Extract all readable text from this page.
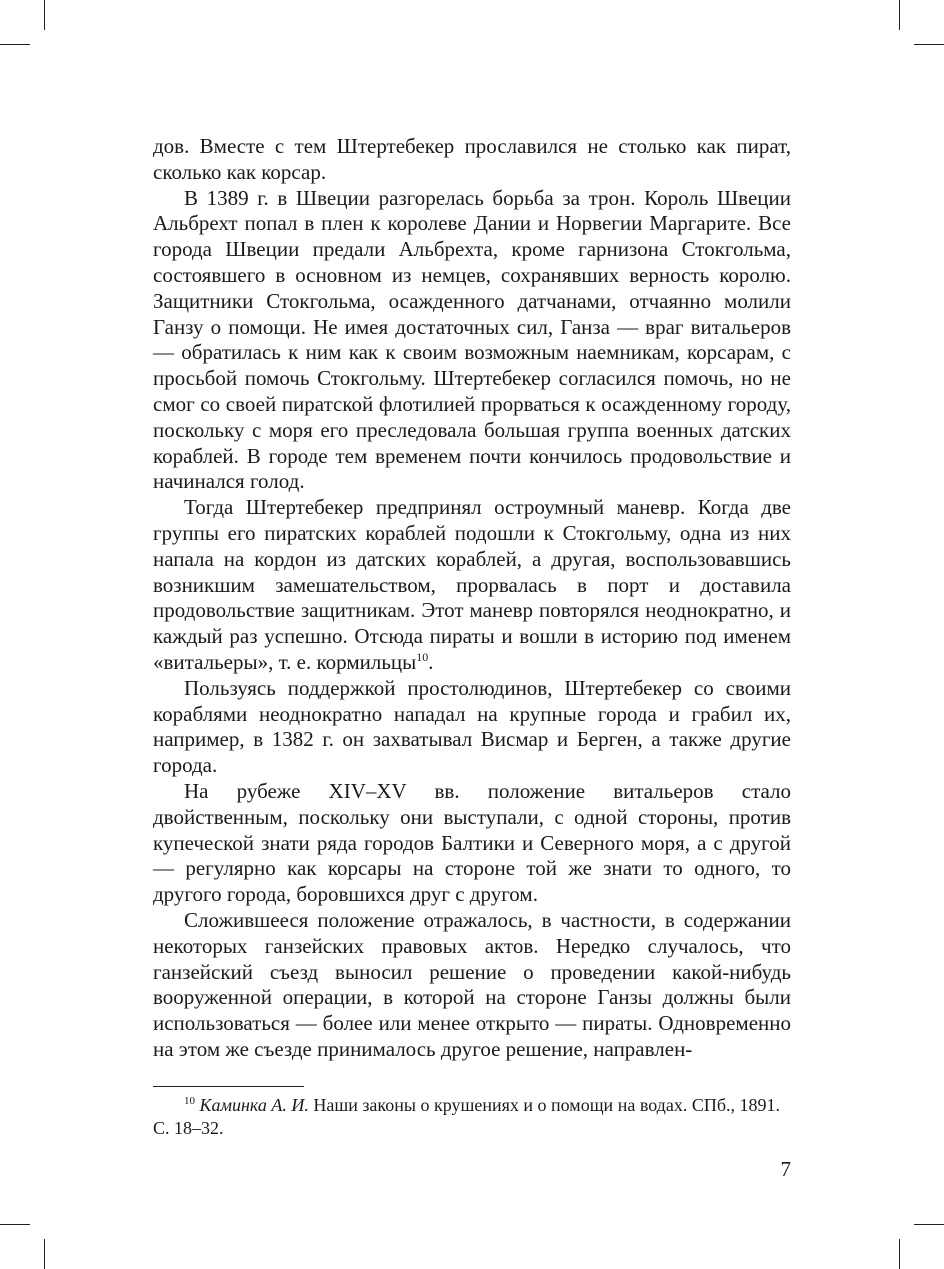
дов. Вместе с тем Штертебекер прославился не столько как пират, сколько как корсар.

В 1389 г. в Швеции разгорелась борьба за трон. Король Швеции Альбрехт попал в плен к королеве Дании и Норвегии Маргарите. Все города Швеции предали Альбрехта, кроме гарнизона Стокгольма, состоявшего в основном из немцев, сохранявших верность королю. Защитники Стокгольма, осажденного датчанами, отчаянно молили Ганзу о помощи. Не имея достаточных сил, Ганза — враг витальеров — обратилась к ним как к своим возможным наемникам, корсарам, с просьбой помочь Стокгольму. Штертебекер согласился помочь, но не смог со своей пиратской флотилией прорваться к осажденному городу, поскольку с моря его преследовала большая группа военных датских кораблей. В городе тем временем почти кончилось продовольствие и начинался голод.

Тогда Штертебекер предпринял остроумный маневр. Когда две группы его пиратских кораблей подошли к Стокгольму, одна из них напала на кордон из датских кораблей, а другая, воспользовавшись возникшим замешательством, прорвалась в порт и доставила продовольствие защитникам. Этот маневр повторялся неоднократно, и каждый раз успешно. Отсюда пираты и вошли в историю под именем «витальеры», т. е. кормильцы$^{10}$.

Пользуясь поддержкой простолюдинов, Штертебекер со своими кораблями неоднократно нападал на крупные города и грабил их, например, в 1382 г. он захватывал Висмар и Берген, а также другие города.

На рубеже XIV–XV вв. положение витальеров стало двойственным, поскольку они выступали, с одной стороны, против купеческой знати ряда городов Балтики и Северного моря, а с другой — регулярно как корсары на стороне той же знати то одного, то другого города, боровшихся друг с другом.

Сложившееся положение отражалось, в частности, в содержании некоторых ганзейских правовых актов. Нередко случалось, что ганзейский съезд выносил решение о проведении какой-нибудь вооруженной операции, в которой на стороне Ганзы должны были использоваться — более или менее открыто — пираты. Одновременно на этом же съезде принималось другое решение, направлен-

$^{10}$ Каминка А. И. Наши законы о крушениях и о помощи на водах. СПб., 1891.
С. 18–32.
7
